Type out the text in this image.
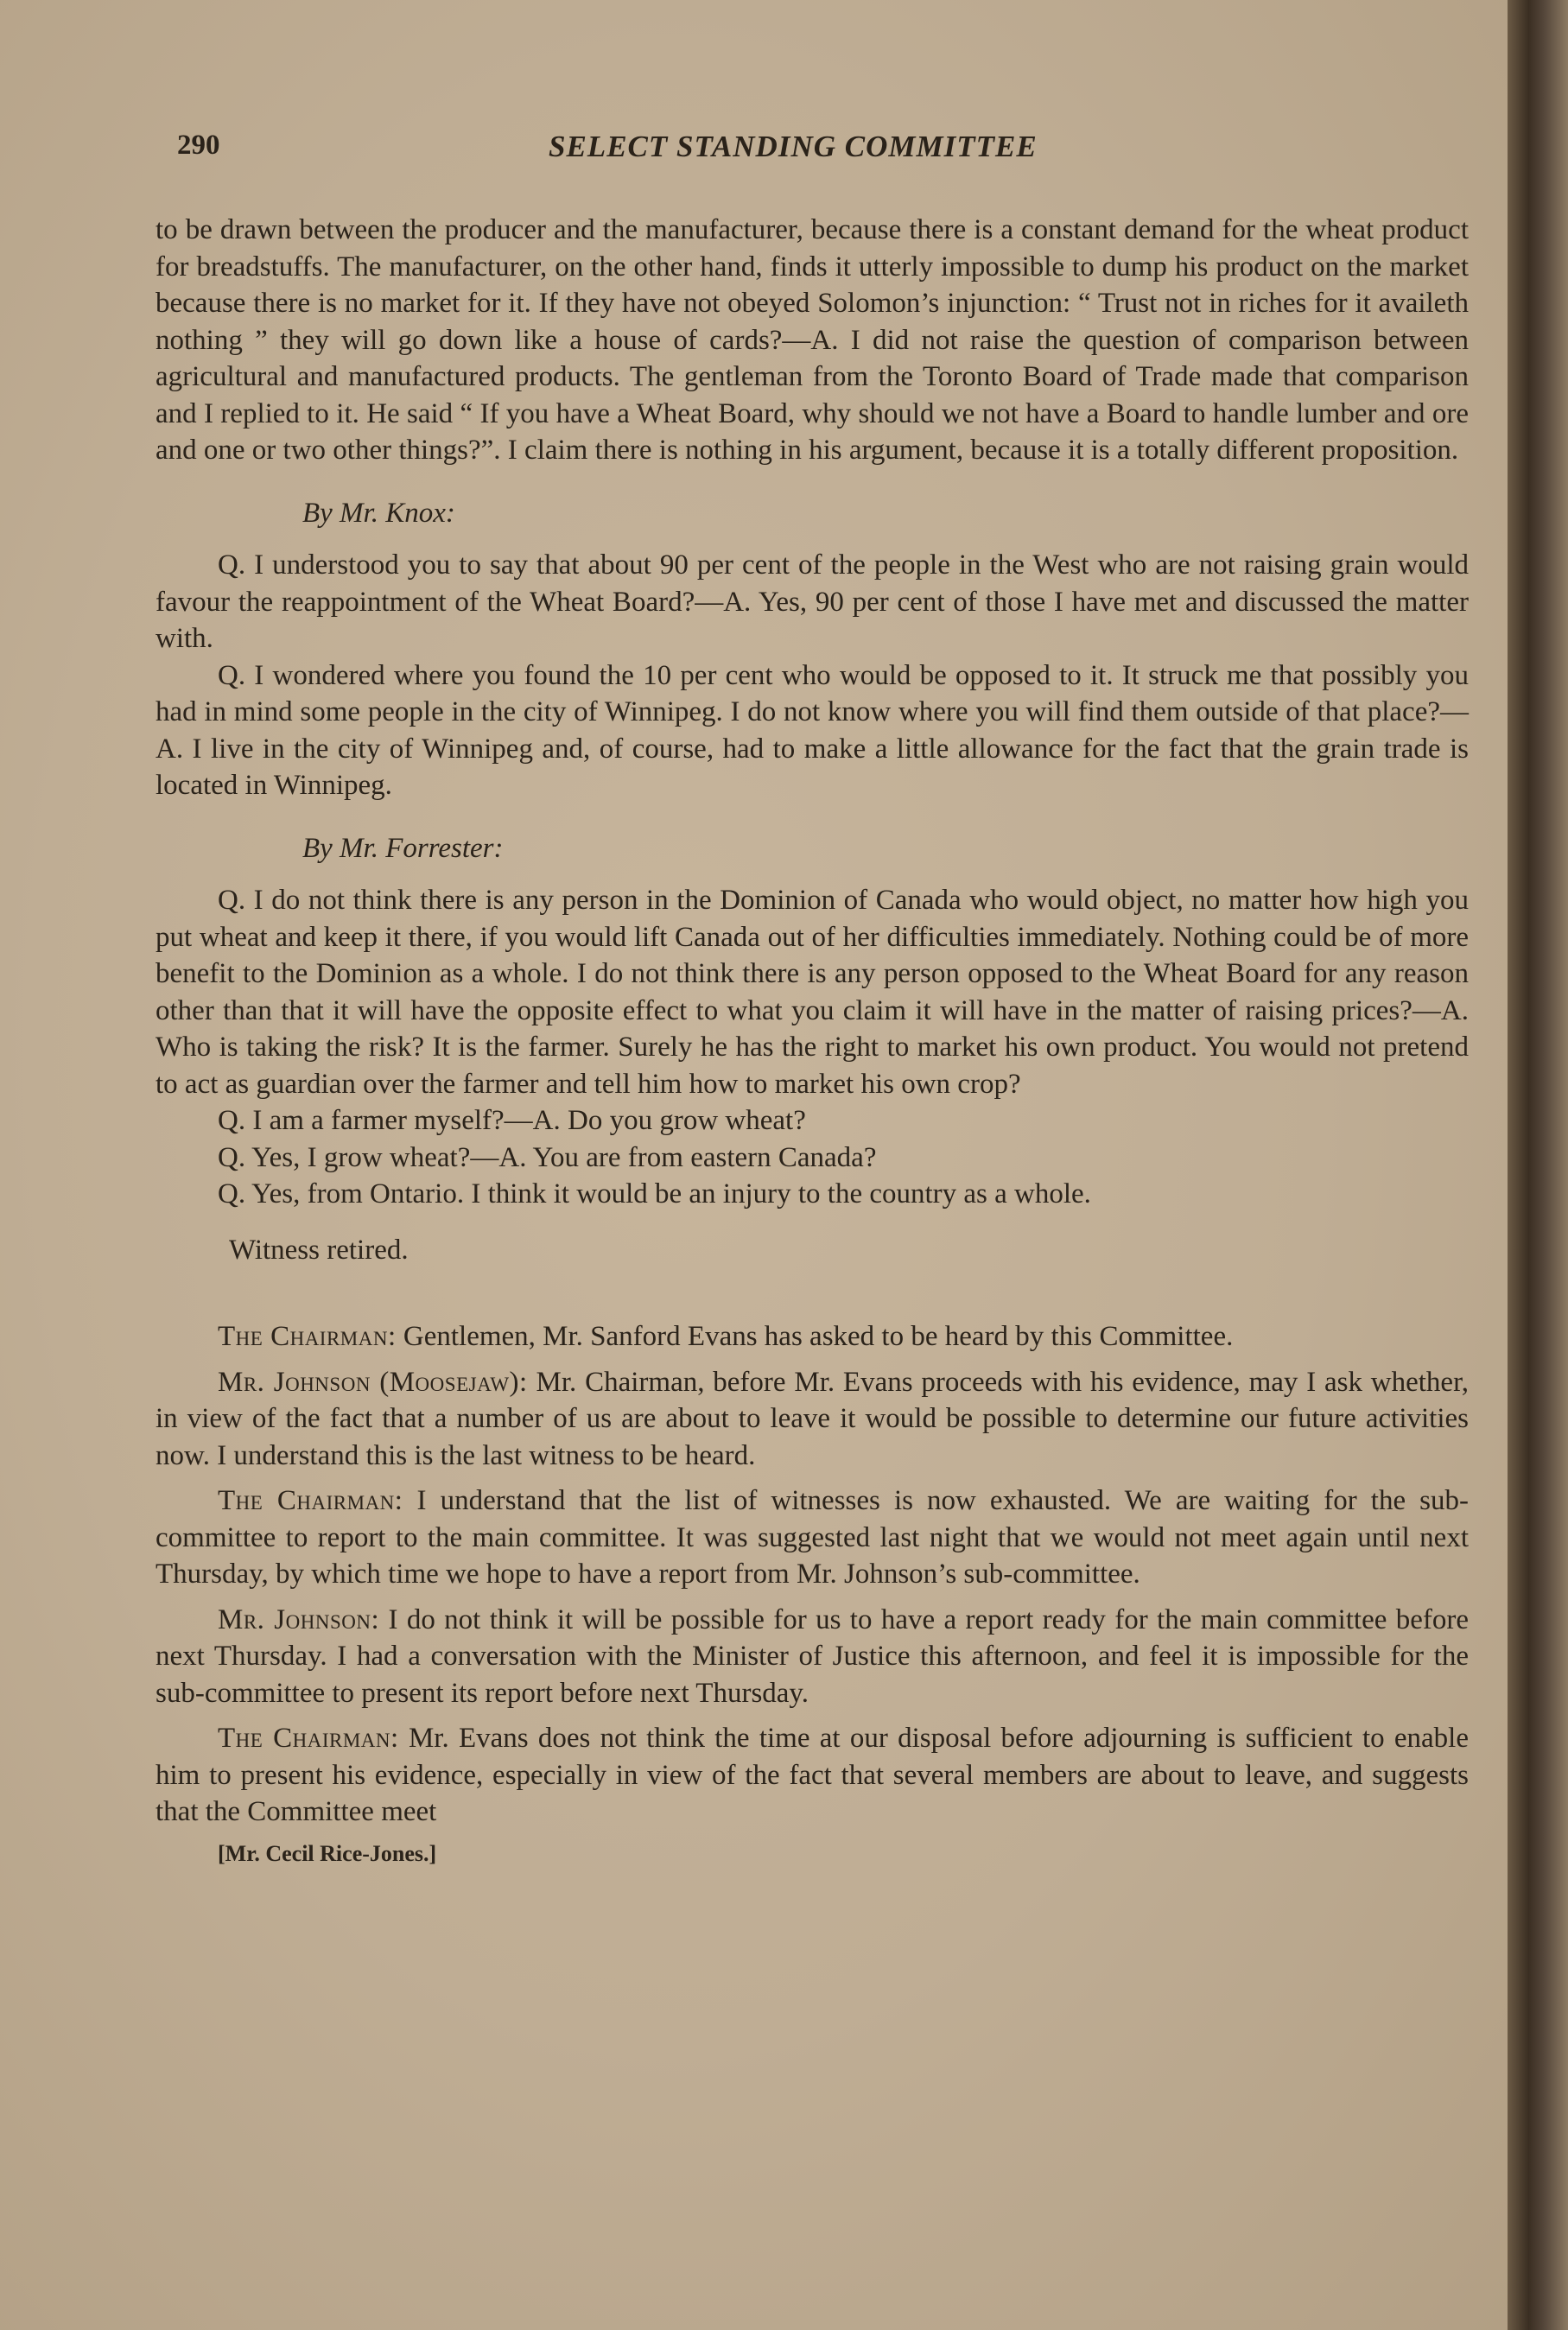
290	SELECT STANDING COMMITTEE

to be drawn between the producer and the manufacturer, because there is a constant demand for the wheat product for breadstuffs. The manufacturer, on the other hand, finds it utterly impossible to dump his product on the market because there is no market for it. If they have not obeyed Solomon’s injunction: “ Trust not in riches for it availeth nothing ” they will go down like a house of cards?—A. I did not raise the question of comparison between agricultural and manufactured products. The gentleman from the Toronto Board of Trade made that comparison and I replied to it. He said “ If you have a Wheat Board, why should we not have a Board to handle lumber and ore and one or two other things?”. I claim there is nothing in his argument, because it is a totally different proposition.

By Mr. Knox:

Q. I understood you to say that about 90 per cent of the people in the West who are not raising grain would favour the reappointment of the Wheat Board?—A. Yes, 90 per cent of those I have met and discussed the matter with.

Q. I wondered where you found the 10 per cent who would be opposed to it. It struck me that possibly you had in mind some people in the city of Winnipeg. I do not know where you will find them outside of that place?—A. I live in the city of Winnipeg and, of course, had to make a little allowance for the fact that the grain trade is located in Winnipeg.

By Mr. Forrester:

Q. I do not think there is any person in the Dominion of Canada who would object, no matter how high you put wheat and keep it there, if you would lift Canada out of her difficulties immediately. Nothing could be of more benefit to the Dominion as a whole. I do not think there is any person opposed to the Wheat Board for any reason other than that it will have the opposite effect to what you claim it will have in the matter of raising prices?—A. Who is taking the risk? It is the farmer. Surely he has the right to market his own product. You would not pretend to act as guardian over the farmer and tell him how to market his own crop?

Q. I am a farmer myself?—A. Do you grow wheat?

Q. Yes, I grow wheat?—A. You are from eastern Canada?

Q. Yes, from Ontario. I think it would be an injury to the country as a whole.

Witness retired.

The Chairman: Gentlemen, Mr. Sanford Evans has asked to be heard by this Committee.

Mr. Johnson (Moosejaw): Mr. Chairman, before Mr. Evans proceeds with his evidence, may I ask whether, in view of the fact that a number of us are about to leave it would be possible to determine our future activities now. I understand this is the last witness to be heard.

The Chairman: I understand that the list of witnesses is now exhausted. We are waiting for the sub-committee to report to the main committee. It was suggested last night that we would not meet again until next Thursday, by which time we hope to have a report from Mr. Johnson’s sub-committee.

Mr. Johnson: I do not think it will be possible for us to have a report ready for the main committee before next Thursday. I had a conversation with the Minister of Justice this afternoon, and feel it is impossible for the sub-committee to present its report before next Thursday.

The Chairman: Mr. Evans does not think the time at our disposal before adjourning is sufficient to enable him to present his evidence, especially in view of the fact that several members are about to leave, and suggests that the Committee meet

[Mr. Cecil Rice-Jones.]
